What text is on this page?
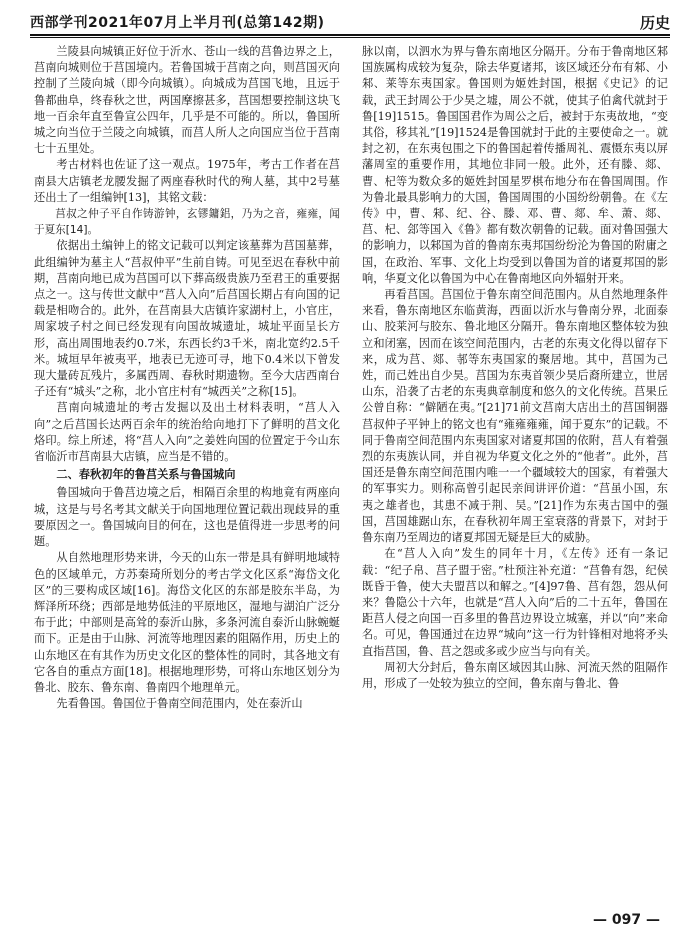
西部学刊2021年07月上半月刊(总第142期)	历史

兰陵县向城镇正好位于沂水、苍山一线的莒鲁边界之上，莒南向城则位于莒国境内。若鲁国城于莒南之向，则莒国灭向控制了兰陵向城（即今向城镇）。向城成为莒国飞地，且远于鲁都曲阜，终春秋之世，两国摩擦甚多，莒国想要控制这块飞地一百余年直至鲁宣公四年，几乎是不可能的。所以，鲁国所城之向当位于兰陵之向城镇，而莒人所人之向国应当位于莒南七十五里处。

考古材料也佐证了这一观点。1975年，考古工作者在莒南县大店镇老龙腰发掘了两座春秋时代的殉人墓，其中2号墓还出土了一组编钟[13]，其铭文载：

莒叔之仲子平自作铸游钟，玄镠鏞鋁，乃为之音，雍雍，闻于夏东[14]。

依据出土编钟上的铭文记载可以判定该墓葬为莒国墓葬，此组编钟为墓主人“莒叔仲平”生前自铸。可见至迟在春秋中前期，莒南向地已成为莒国可以下葬高级贵族乃至君王的重要据点之一。这与传世文献中“莒人入向”后莒国长期占有向国的记载是相吻合的。此外，在莒南县大店镇许家湖村上，小官庄，周家坡子村之间已经发现有向国故城遗址，城址平面呈长方形，高出周围地表约0.7米，东西长约3千米，南北宽约2.5千米。城垣早年被夷平，地表已无迹可寻，地下0.4米以下曾发现大量砖瓦残片，多属西周、春秋时期遗物。至今大店西南台子还有“城头”之称，北小官庄村有“城西关”之称[15]。

莒南向城遗址的考古发掘以及出土材料表明，“莒人入向”之后莒国长达两百余年的统治给向地打下了鲜明的莒文化烙印。综上所述，将“莒人入向”之姜姓向国的位置定于今山东省临沂市莒南县大店镇，应当是不错的。

二、春秋初年的鲁莒关系与鲁国城向

鲁国城向于鲁莒边境之后，相隔百余里的构地竟有两座向城，这是与号名考其文献关于向国地理位置记载出现歧异的重要原因之一。鲁国城向目的何在，这也是值得进一步思考的问题。

从自然地理形势来讲，今天的山东一带是具有鲜明地域特色的区域单元，方苏秦琦所划分的考古学文化区系“海岱文化区”的三要构成区域[16]。海岱文化区的东部是胶东半岛，为辉泽所环绕；西部是地势低洼的平原地区，湿地与湖泊广泛分布于此；中部则是高耸的泰沂山脉，多条河流自泰沂山脉蜿蜒而下。正是由于山脉、河流等地理因素的阻隔作用，历史上的山东地区在有其作为历史文化区的整体性的同时，其各地文有它各自的重点方面[18]。根据地理形势，可将山东地区划分为鲁北、胶东、鲁东南、鲁南四个地理单元。

先看鲁国。鲁国位于鲁南空间范围内，处在泰沂山

脉以南，以泗水为界与鲁东南地区分隔开。分布于鲁南地区邾国族属构成较为复杂，除去华夏诸邦，该区域还分布有邾、小邾、莱等东夷国家。鲁国则为姬姓封国，根据《史记》的记载，武王封周公于少昊之墟，周公不就，使其子伯禽代就封于鲁[19]1515。鲁国国君作为周公之后，被封于东夷故地，“变其俗，移其礼”[19]1524是鲁国就封于此的主要使命之一。就封之初，在东夷包围之下的鲁国起着传播周礼、震慑东夷以屏藩周室的重要作用，其地位非同一般。此外，还有滕、郯、曹、杞等为数众多的姬姓封国星罗棋布地分布在鲁国周围。作为鲁北最具影响力的大国，鲁国周围的小国纷纷朝鲁。在《左传》中，曹、邾、纪、谷、滕、邓、曹、郯、牟、萧、郯、莒、杞、郐等国入《鲁》都有数次朝鲁的记载。面对鲁国强大的影响力，以邾国为首的鲁南东夷邦国纷纷沦为鲁国的附庸之国，在政治、军事、文化上均受到以鲁国为首的诸夏邦国的影响，华夏文化以鲁国为中心在鲁南地区向外辐射开来。

再看莒国。莒国位于鲁东南空间范围内。从自然地理条件来看，鲁东南地区东临黄海，西面以沂水与鲁南分界，北面泰山、胶莱河与胶东、鲁北地区分隔开。鲁东南地区整体较为独立和闭塞，因而在该空间范围内，古老的东夷文化得以留存下来，成为莒、郯、邿等东夷国家的聚居地。其中，莒国为己姓，而己姓出自少昊。莒国为东夷首领少昊后裔所建立，世居山东，沿袭了古老的东夷典章制度和悠久的文化传统。莒果丘公曾自称：“僻陋在夷。”[21]71前文莒南大店出土的莒国铜器莒叔仲子平钟上的铭文也有“雍雍雍雍，闻于夏东”的记载。不同于鲁南空间范围内东夷国家对诸夏邦国的依附，莒人有着强烈的东夷族认同，并自视为华夏文化之外的“他者”。此外，莒国还是鲁东南空间范围内唯一一个疆域较大的国家，有着强大的军事实力。则称高曾引起民亲间讲评价道：“莒虽小国，东夷之雄者也，其患不减于荆、吴。”[21]作为东夷古国中的强国，莒国雄踞山东，在春秋初年周王室衰落的背景下，对封于鲁东南乃至周边的诸夏邦国无疑是巨大的威胁。

在“莒人入向”发生的同年十月，《左传》还有一条记载：“纪子帛、莒子盟于密。”杜预注补充道：“莒鲁有怨，纪侯既昏于鲁，使大夫盟莒以和解之。”[4]97鲁、莒有怨，怨从何来？鲁隐公十六年，也就是“莒人入向”后的二十五年，鲁国在距莒人侵之向国一百多里的鲁莒边界设立城塞，并以“向”来命名。可见，鲁国通过在边界“城向”这一行为针锋相对地将矛头直指莒国，鲁、莒之怨或多或少应当与向有关。

周初大分封后，鲁东南区域因其山脉、河流天然的阻隔作用，形成了一处较为独立的空间，鲁东南与鲁北、鲁

— 097 —
